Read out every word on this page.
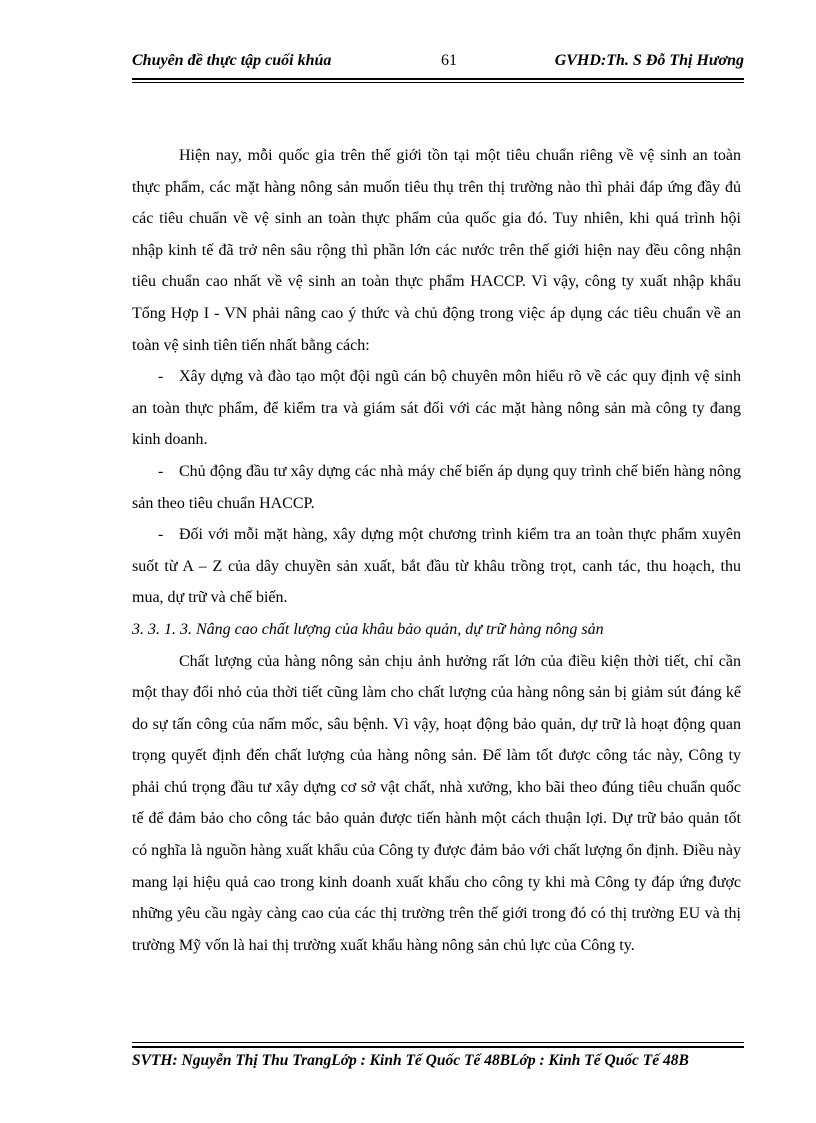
Chuyên đề thực tập cuối khúa	61	GVHD:Th. S Đỗ Thị Hương

Hiện nay, mỗi quốc gia trên thế giới tồn tại một tiêu chuẩn riêng về vệ sinh an toàn thực phẩm, các mặt hàng nông sản muốn tiêu thụ trên thị trường nào thì phải đáp ứng đầy đủ các tiêu chuẩn về vệ sinh an toàn thực phẩm của quốc gia đó. Tuy nhiên, khi quá trình hội nhập kinh tế đã trở nên sâu rộng thì phần lớn các nước trên thế giới hiện nay đều công nhận tiêu chuẩn cao nhất về vệ sinh an toàn thực phẩm HACCP. Vì vậy, công ty xuất nhập khẩu Tổng Hợp I - VN phải nâng cao ý thức và chủ động trong việc áp dụng các tiêu chuẩn về an toàn vệ sinh tiên tiến nhất bằng cách:

- Xây dựng và đào tạo một đội ngũ cán bộ chuyên môn hiểu rõ về các quy định vệ sinh an toàn thực phẩm, để kiểm tra và giám sát đối với các mặt hàng nông sản mà công ty đang kinh doanh.

- Chủ động đầu tư xây dựng các nhà máy chế biến áp dụng quy trình chế biến hàng nông sản theo tiêu chuẩn HACCP.

- Đối với mỗi mặt hàng, xây dựng một chương trình kiểm tra an toàn thực phẩm xuyên suốt từ A – Z của dây chuyền sản xuất, bắt đầu từ khâu trồng trọt, canh tác, thu hoạch, thu mua, dự trữ và chế biến.

3. 3. 1. 3. Nâng cao chất lượng của khâu bảo quản, dự trữ hàng nông sản

Chất lượng của hàng nông sản chịu ảnh hưởng rất lớn của điều kiện thời tiết, chỉ cần một thay đổi nhỏ của thời tiết cũng làm cho chất lượng của hàng nông sản bị giảm sút đáng kể do sự tấn công của nấm mốc, sâu bệnh. Vì vậy, hoạt động bảo quản, dự trữ là hoạt động quan trọng quyết định đến chất lượng của hàng nông sản. Để làm tốt được công tác này, Công ty phải chú trọng đầu tư xây dựng cơ sở vật chất, nhà xưởng, kho bãi theo đúng tiêu chuẩn quốc tế để đảm bảo cho công tác bảo quản được tiến hành một cách thuận lợi. Dự trữ bảo quản tốt có nghĩa là nguồn hàng xuất khẩu của Công ty được đảm bảo với chất lượng ổn định. Điều này mang lại hiệu quả cao trong kinh doanh xuất khẩu cho công ty khi mà Công ty đáp ứng được những yêu cầu ngày càng cao của các thị trường trên thế giới trong đó có thị trường EU và thị trường Mỹ vốn là hai thị trường xuất khẩu hàng nông sản chủ lực của Công ty.

SVTH: Nguyễn Thị Thu TrangLớp : Kinh Tế Quốc Tế 48BLớp : Kinh Tế Quốc Tế 48B
